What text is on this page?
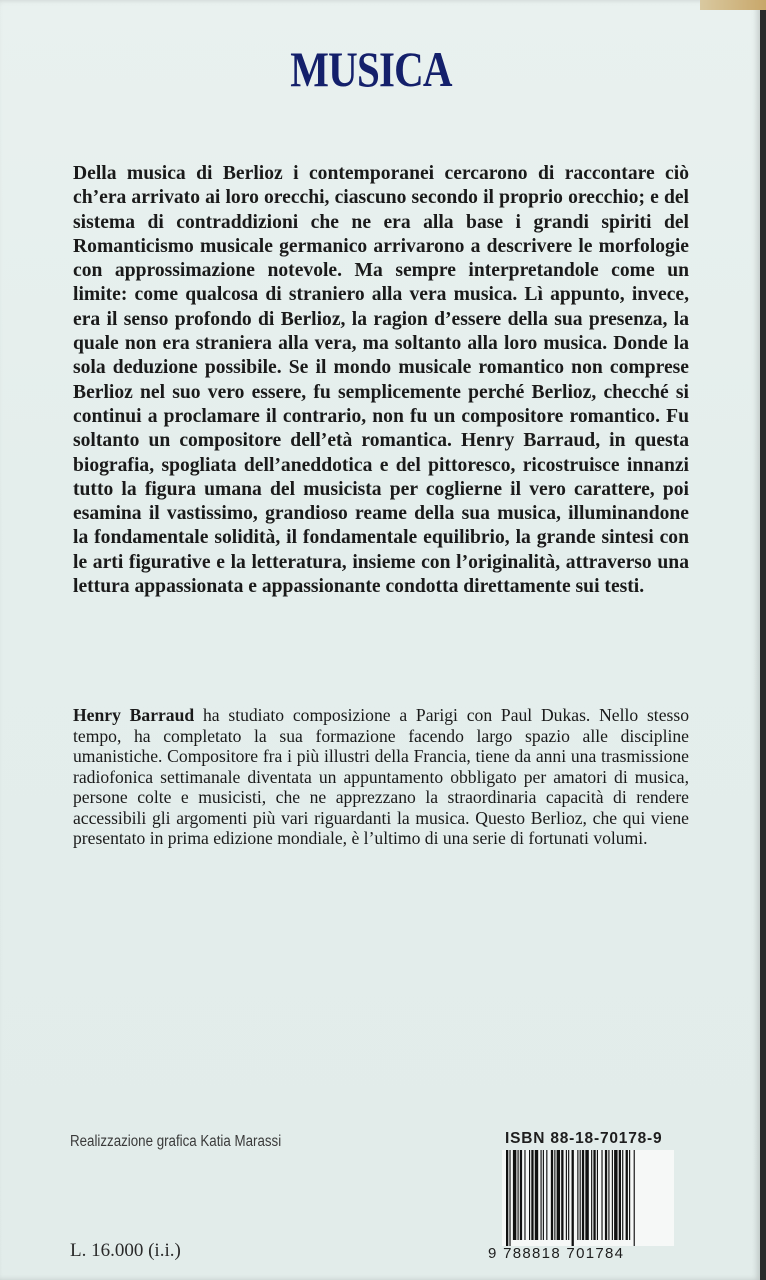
MUSICA

Della musica di Berlioz i contemporanei cercarono di raccontare ciò ch’era arrivato ai loro orecchi, ciascuno secondo il proprio orecchio; e del sistema di contraddizioni che ne era alla base i grandi spiriti del Romanticismo musicale germanico arrivarono a descrivere le morfologie con approssimazione notevole. Ma sempre interpretandole come un limite: come qualcosa di straniero alla vera musica. Lì appunto, invece, era il senso profondo di Berlioz, la ragion d’essere della sua presenza, la quale non era straniera alla vera, ma soltanto alla loro musica. Donde la sola deduzione possibile. Se il mondo musicale romantico non comprese Berlioz nel suo vero essere, fu semplicemente perché Berlioz, checché si continui a proclamare il contrario, non fu un compositore romantico. Fu soltanto un compositore dell’età romantica. Henry Barraud, in questa biografia, spogliata dell’aneddotica e del pittoresco, ricostruisce innanzi tutto la figura umana del musicista per coglierne il vero carattere, poi esamina il vastissimo, grandioso reame della sua musica, illuminandone la fondamentale solidità, il fondamentale equilibrio, la grande sintesi con le arti figurative e la letteratura, insieme con l’originalità, attraverso una lettura appassionata e appassionante condotta direttamente sui testi.

Henry Barraud ha studiato composizione a Parigi con Paul Dukas. Nello stesso tempo, ha completato la sua formazione facendo largo spazio alle discipline umanistiche. Compositore fra i più illustri della Francia, tiene da anni una trasmissione radiofonica settimanale diventata un appuntamento obbligato per amatori di musica, persone colte e musicisti, che ne apprezzano la straordinaria capacità di rendere accessibili gli argomenti più vari riguardanti la musica. Questo Berlioz, che qui viene presentato in prima edizione mondiale, è l’ultimo di una serie di fortunati volumi.

Realizzazione grafica Katia Marassi
L. 16.000 (i.i.)
ISBN 88-18-70178-9
9 788818 701784
